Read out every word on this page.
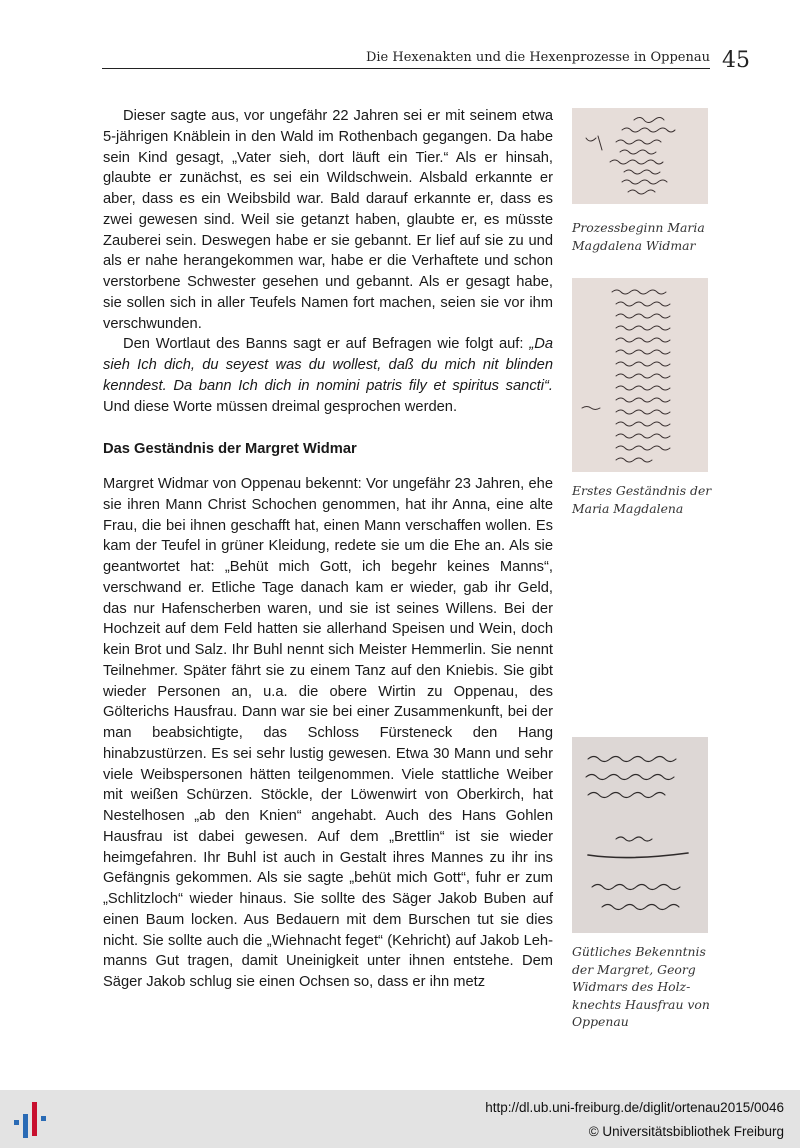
Die Hexenakten und die Hexenprozesse in Oppenau 45

Dieser sagte aus, vor ungefähr 22 Jahren sei er mit seinem etwa 5-jährigen Knäblein in den Wald im Rothenbach gegangen. Da habe sein Kind gesagt, „Vater sieh, dort läuft ein Tier.“ Als er hinsah, glaubte er zunächst, es sei ein Wildschwein. Alsbald erkannte er aber, dass es ein Weibsbild war. Bald darauf erkannte er, dass es zwei gewesen sind. Weil sie getanzt haben, glaubte er, es müsste Zauberei sein. Deswegen habe er sie gebannt. Er lief auf sie zu und als er nahe herangekommen war, habe er die Verhaftete und schon verstorbene Schwester gesehen und gebannt. Als er gesagt habe, sie sollen sich in aller Teufels Namen fort machen, seien sie vor ihm verschwunden.

Den Wortlaut des Banns sagt er auf Befragen wie folgt auf: „Da sieh Ich dich, du seyest was du wollest, daß du mich nit blinden kenndest. Da bann Ich dich in nomini patris fily et spiritus sancti“. Und diese Worte müssen dreimal gesprochen werden.

Das Geständnis der Margret Widmar

Margret Widmar von Oppenau bekennt: Vor ungefähr 23 Jahren, ehe sie ihren Mann Christ Schochen genommen, hat ihr Anna, eine alte Frau, die bei ihnen geschafft hat, einen Mann verschaffen wollen. Es kam der Teufel in grüner Kleidung, redete sie um die Ehe an. Als sie geantwortet hat: „Behüt mich Gott, ich begehr keines Manns“, verschwand er. Etliche Tage danach kam er wieder, gab ihr Geld, das nur Hafenscherben waren, und sie ist seines Willens. Bei der Hochzeit auf dem Feld hatten sie allerhand Speisen und Wein, doch kein Brot und Salz. Ihr Buhl nennt sich Meister Hemmerlin. Sie nennt Teilnehmer. Später fährt sie zu einem Tanz auf den Kniebis. Sie gibt wieder Personen an, u.a. die obere Wirtin zu Oppenau, des Gölterichs Hausfrau. Dann war sie bei einer Zusammenkunft, bei der man beabsichtigte, das Schloss Fürsteneck den Hang hinabzustürzen. Es sei sehr lustig gewesen. Etwa 30 Mann und sehr viele Weibspersonen hätten teilgenommen. Viele stattliche Weiber mit weißen Schürzen. Stöckle, der Löwenwirt von Oberkirch, hat Nestelhosen „ab den Knien“ angehabt. Auch des Hans Gohlen Hausfrau ist dabei gewesen. Auf dem „Brettlin“ ist sie wieder heimgefahren. Ihr Buhl ist auch in Gestalt ihres Mannes zu ihr ins Gefängnis gekommen. Als sie sagte „behüt mich Gott“, fuhr er zum „Schlitzloch“ wieder hinaus. Sie sollte des Säger Jakob Buben auf einen Baum locken. Aus Bedauern mit dem Burschen tut sie dies nicht. Sie sollte auch die „Wiehnacht feget“ (Kehricht) auf Jakob Lehmanns Gut tragen, damit Uneinigkeit unter ihnen entstehe. Dem Säger Jakob schlug sie einen Ochsen so, dass er ihn metz

Prozessbeginn Maria Magdalena Widmar
Erstes Geständnis der Maria Magdalena
Gütliches Bekenntnis der Margret, Georg Widmars des Holzknechts Hausfrau von Oppenau
http://dl.ub.uni-freiburg.de/diglit/ortenau2015/0046
© Universitätsbibliothek Freiburg
